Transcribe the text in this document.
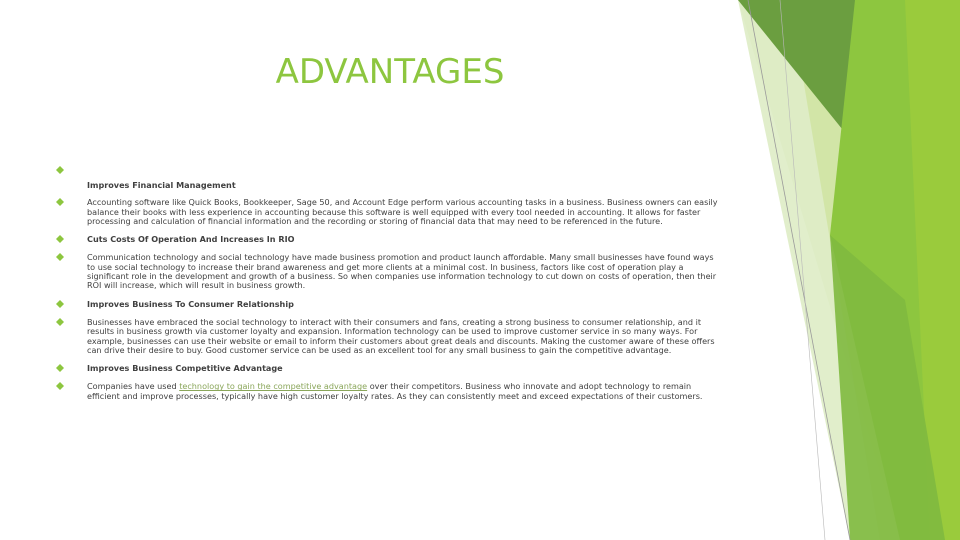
ADVANTAGES
Improves Financial Management
Accounting software like Quick Books, Bookkeeper, Sage 50, and Account Edge perform various accounting tasks in a business. Business owners can easily balance their books with less experience in accounting because this software is well equipped with every tool needed in accounting. It allows for faster processing and calculation of financial information and the recording or storing of financial data that may need to be referenced in the future.
Cuts Costs Of Operation And Increases In RIO
Communication technology and social technology have made business promotion and product launch affordable. Many small businesses have found ways to use social technology to increase their brand awareness and get more clients at a minimal cost. In business, factors like cost of operation play a significant role in the development and growth of a business. So when companies use information technology to cut down on costs of operation, then their ROI will increase, which will result in business growth.
Improves Business To Consumer Relationship
Businesses have embraced the social technology to interact with their consumers and fans, creating a strong business to consumer relationship, and it results in business growth via customer loyalty and expansion. Information technology can be used to improve customer service in so many ways. For example, businesses can use their website or email to inform their customers about great deals and discounts. Making the customer aware of these offers can drive their desire to buy. Good customer service can be used as an excellent tool for any small business to gain the competitive advantage.
Improves Business Competitive Advantage
Companies have used technology to gain the competitive advantage over their competitors. Business who innovate and adopt technology to remain efficient and improve processes, typically have high customer loyalty rates. As they can consistently meet and exceed expectations of their customers.
